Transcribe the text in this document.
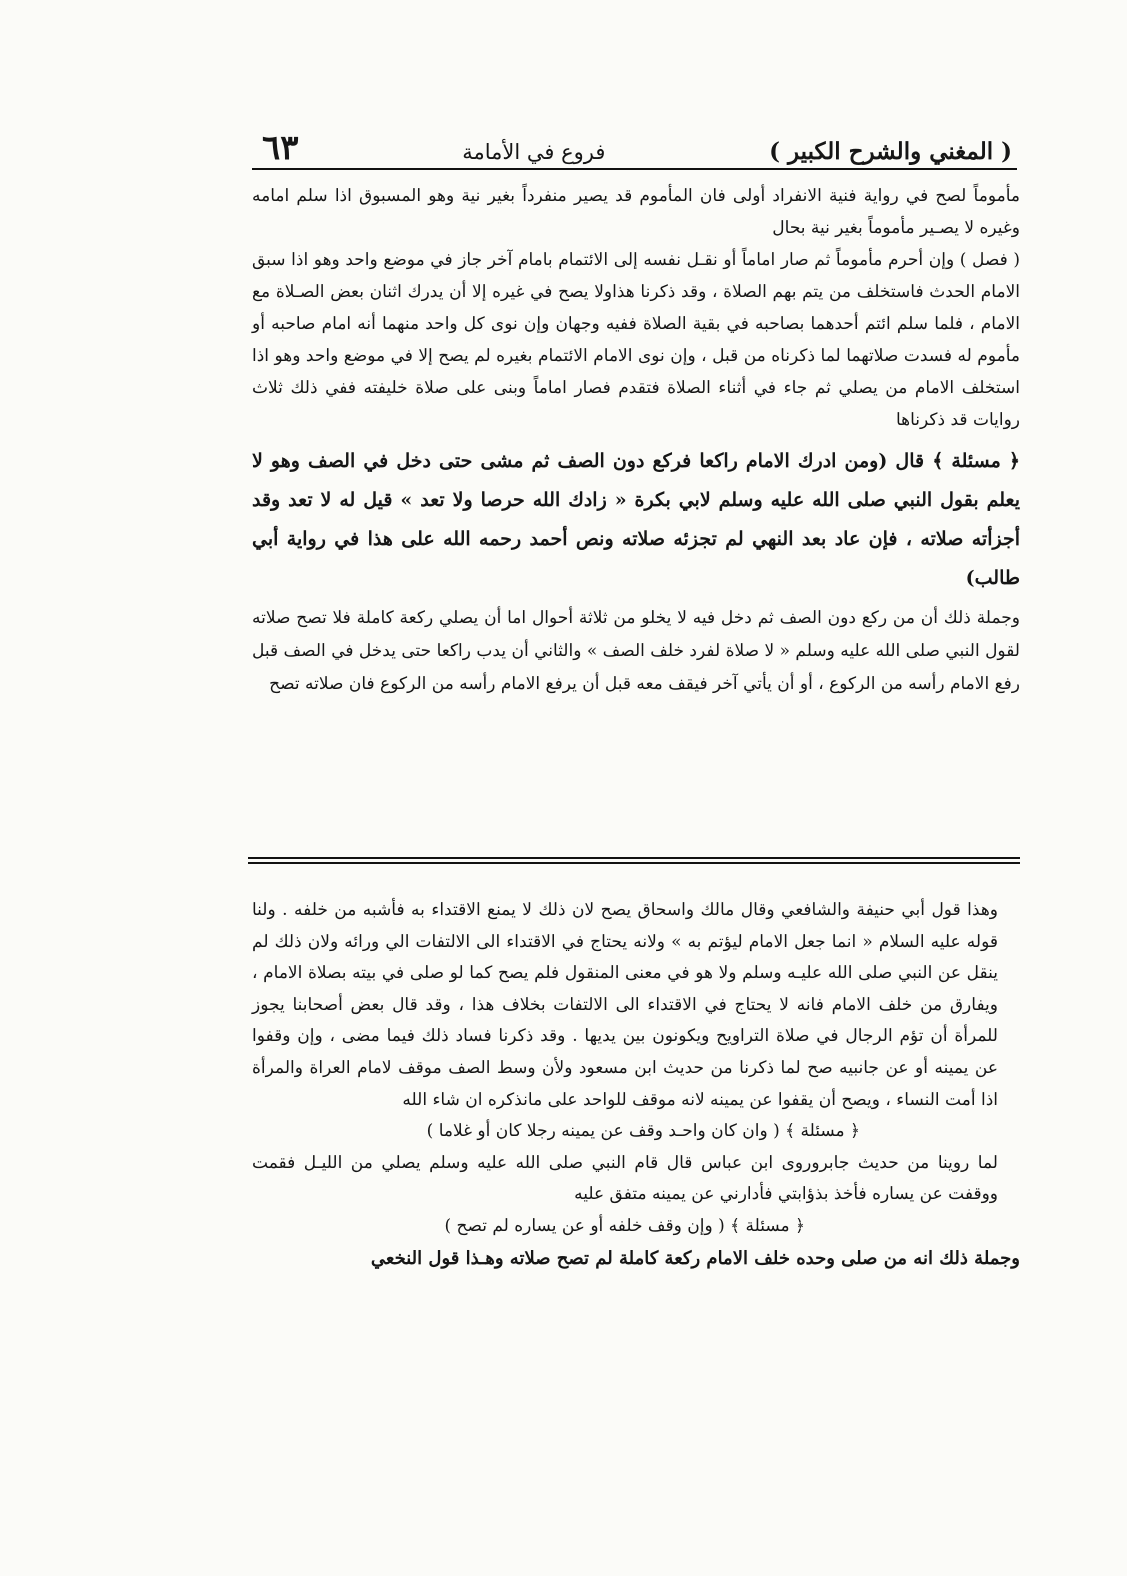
( المغني والشرح الكبير )
فروع في الأمامة
٦٣

مأموماً لصح في رواية فنية الانفراد أولى فان المأموم قد يصير منفرداً بغير نية وهو المسبوق اذا سلم امامه وغيره لا يصـير مأموماً بغير نية بحال

( فصل ) وإن أحرم مأموماً ثم صار اماماً أو نقـل نفسه إلى الائتمام بامام آخر جاز في موضع واحد وهو اذا سبق الامام الحدث فاستخلف من يتم بهم الصلاة ، وقد ذكرنا هذاولا يصح في غيره إلا أن يدرك اثنان بعض الصـلاة مع الامام ، فلما سلم ائتم أحدهما بصاحبه في بقية الصلاة ففيه وجهان وإن نوى كل واحد منهما أنه امام صاحبه أو مأموم له فسدت صلاتهما لما ذكرناه من قبل ، وإن نوى الامام الائتمام بغيره لم يصح إلا في موضع واحد وهو اذا استخلف الامام من يصلي ثم جاء في أثناء الصلاة فتقدم فصار اماماً وبنى على صلاة خليفته ففي ذلك ثلاث روايات قد ذكرناها

﴿ مسئلة ﴾ قال (ومن ادرك الامام راكعا فركع دون الصف ثم مشى حتى دخل في الصف وهو لا يعلم بقول النبي صلى الله عليه وسلم لابي بكرة « زادك الله حرصا ولا تعد » قيل له لا تعد وقد أجزأته صلاته ، فإن عاد بعد النهي لم تجزئه صلاته ونص أحمد رحمه الله على هذا في رواية أبي طالب)

وجملة ذلك أن من ركع دون الصف ثم دخل فيه لا يخلو من ثلاثة أحوال اما أن يصلي ركعة كاملة فلا تصح صلاته لقول النبي صلى الله عليه وسلم « لا صلاة لفرد خلف الصف » والثاني أن يدب راكعا حتى يدخل في الصف قبل رفع الامام رأسه من الركوع ، أو أن يأتي آخر فيقف معه قبل أن يرفع الامام رأسه من الركوع فان صلاته تصح

وهذا قول أبي حنيفة والشافعي وقال مالك واسحاق يصح لان ذلك لا يمنع الاقتداء به فأشبه من خلفه . ولنا قوله عليه السلام « انما جعل الامام ليؤتم به » ولانه يحتاج في الاقتداء الى الالتفات الي ورائه ولان ذلك لم ينقل عن النبي صلى الله عليـه وسلم ولا هو في معنى المنقول فلم يصح كما لو صلى في بيته بصلاة الامام ، ويفارق من خلف الامام فانه لا يحتاج في الاقتداء الى الالتفات بخلاف هذا ، وقد قال بعض أصحابنا يجوز للمرأة أن تؤم الرجال في صلاة التراويح ويكونون بين يديها . وقد ذكرنا فساد ذلك فيما مضى ، وإن وقفوا عن يمينه أو عن جانبيه صح لما ذكرنا من حديث ابن مسعود ولأن وسط الصف موقف لامام العراة والمرأة اذا أمت النساء ، ويصح أن يقفوا عن يمينه لانه موقف للواحد على مانذكره ان شاء الله

﴿ مسئلة ﴾ ( وان كان واحـد وقف عن يمينه رجلا كان أو غلاما )

لما روينا من حديث جابروروى ابن عباس قال قام النبي صلى الله عليه وسلم يصلي من الليـل فقمت ووقفت عن يساره فأخذ بذؤابتي فأدارني عن يمينه متفق عليه

﴿ مسئلة ﴾ ( وإن وقف خلفه أو عن يساره لم تصح )

وجملة ذلك انه من صلى وحده خلف الامام ركعة كاملة لم تصح صلاته وهـذا قول النخعي
